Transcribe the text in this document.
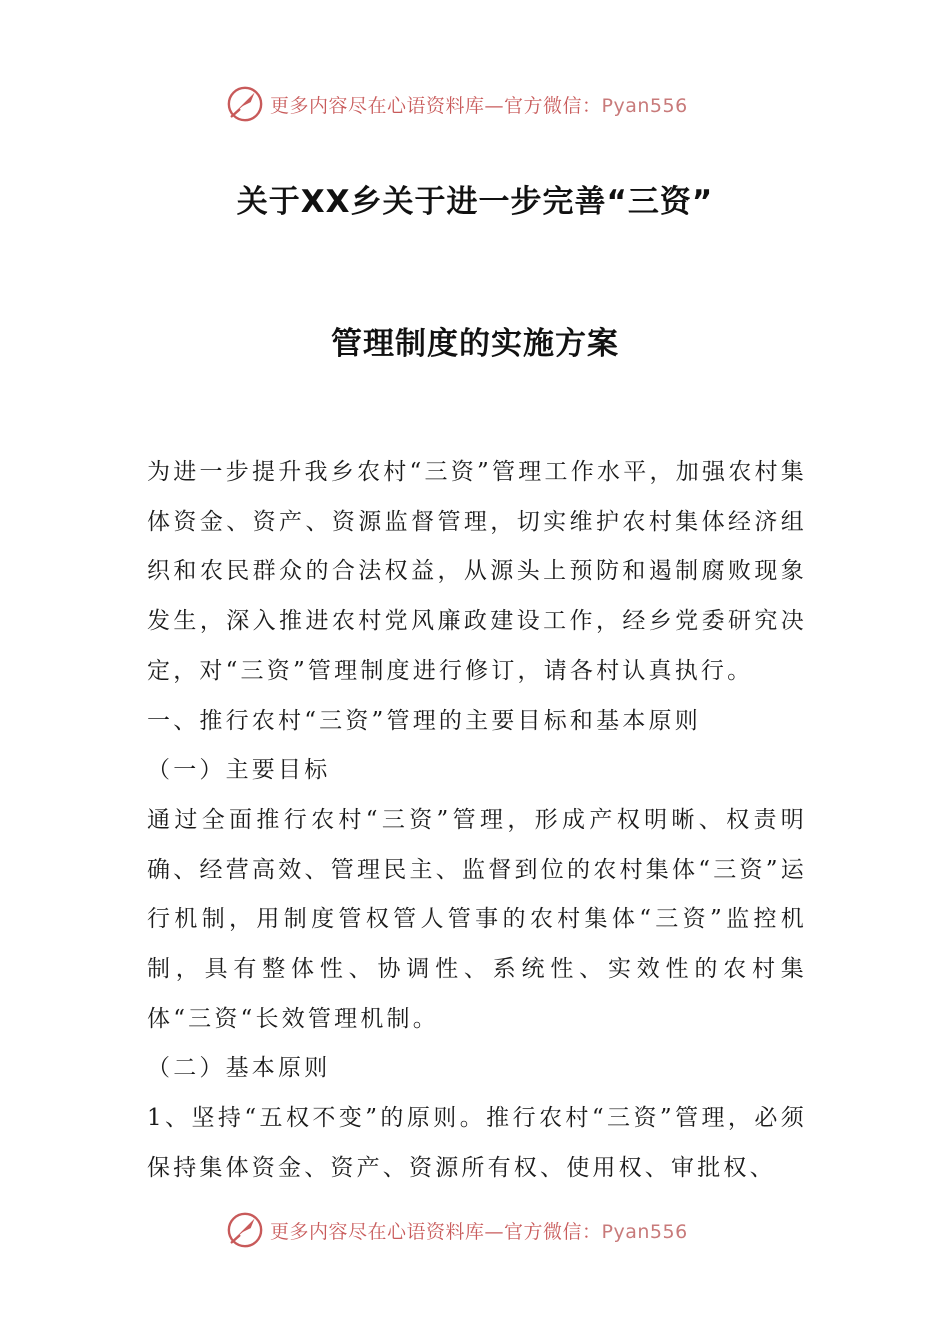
更多内容尽在心语资料库—官方微信：Pyan556
关于XX乡关于进一步完善“三资”
管理制度的实施方案

为进一步提升我乡农村“三资”管理工作水平，加强农村集体资金、资产、资源监督管理，切实维护农村集体经济组织和农民群众的合法权益，从源头上预防和遏制腐败现象发生，深入推进农村党风廉政建设工作，经乡党委研究决定，对“三资”管理制度进行修订，请各村认真执行。

一、推行农村“三资”管理的主要目标和基本原则

（一）主要目标

通过全面推行农村“三资”管理，形成产权明晰、权责明确、经营高效、管理民主、监督到位的农村集体“三资”运行机制，用制度管权管人管事的农村集体“三资”监控机制，具有整体性、协调性、系统性、实效性的农村集体“三资“长效管理机制。

（二）基本原则

1、坚持“五权不变”的原则。推行农村“三资”管理，必须保持集体资金、资产、资源所有权、使用权、审批权、

更多内容尽在心语资料库—官方微信：Pyan556
